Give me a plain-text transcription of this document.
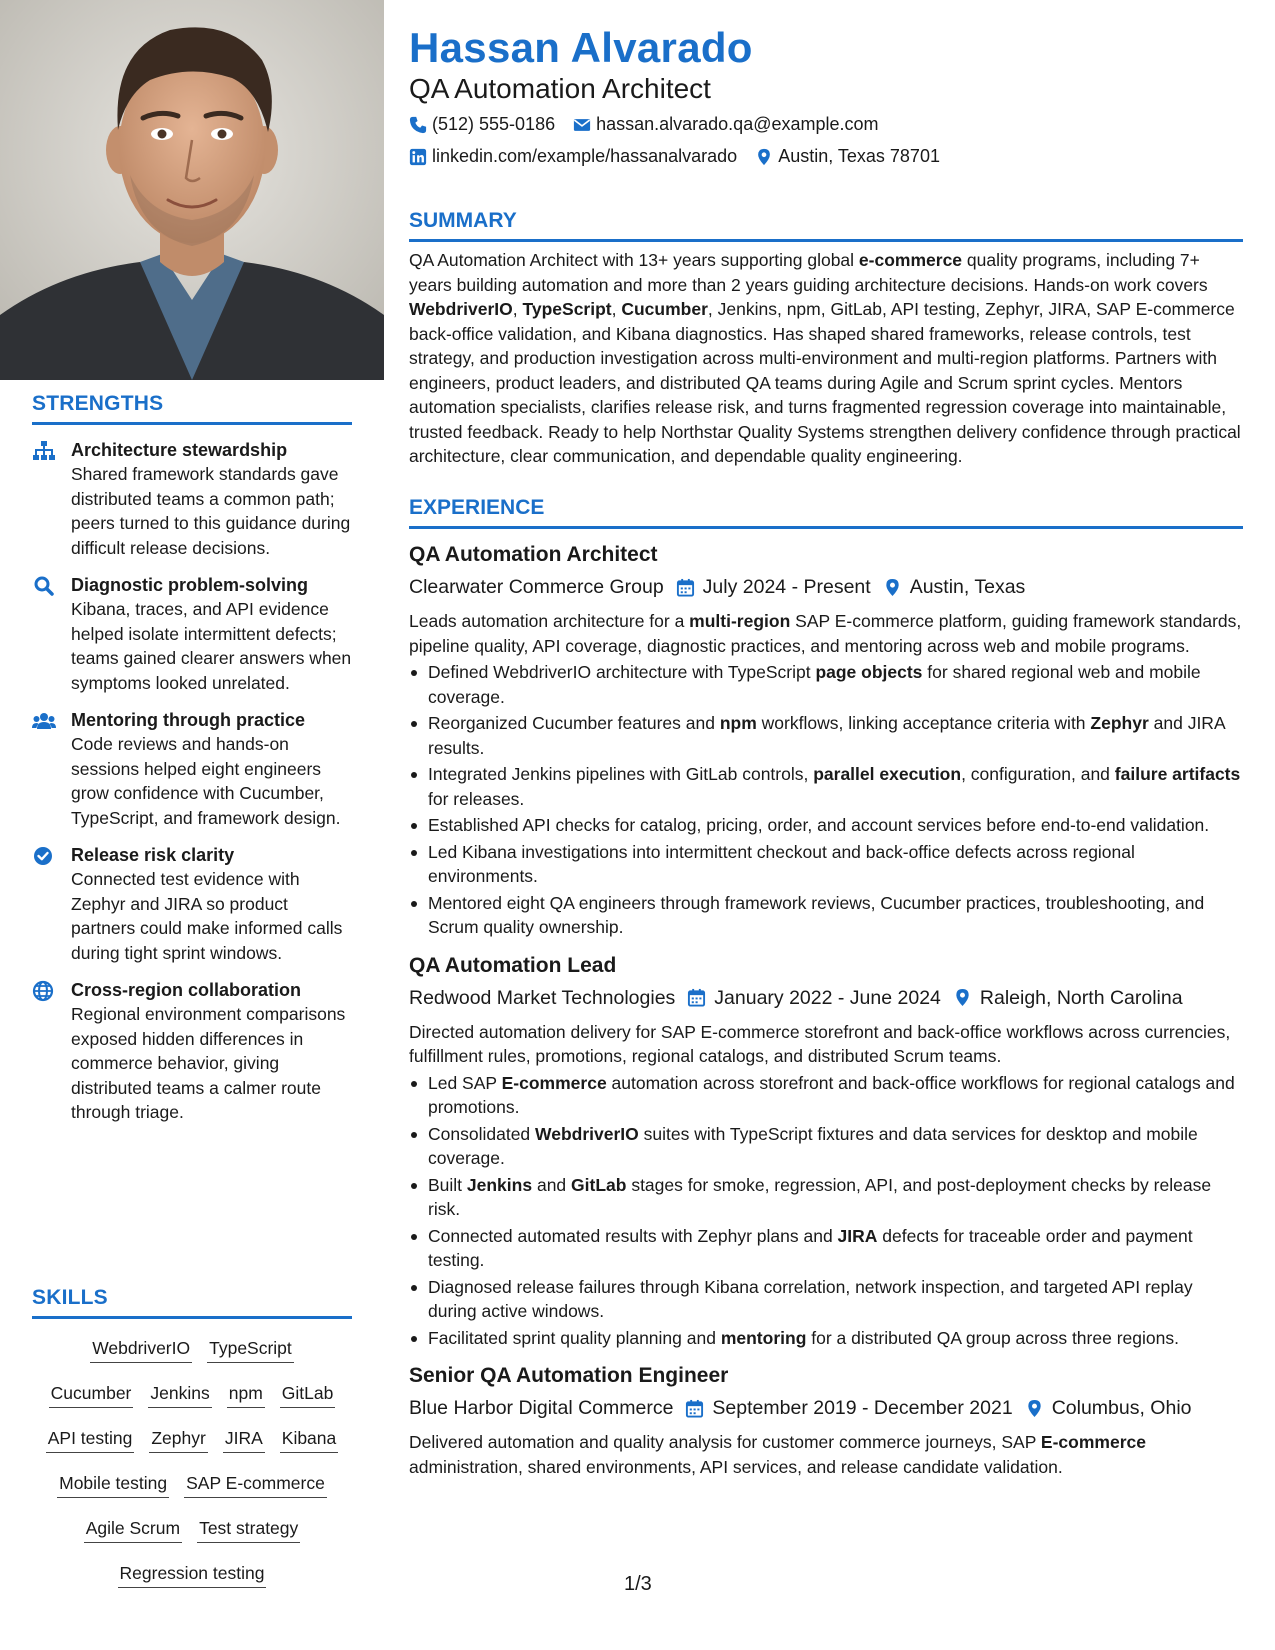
STRENGTHS
Architecture stewardship
Shared framework standards gave distributed teams a common path; peers turned to this guidance during difficult release decisions.
Diagnostic problem-solving
Kibana, traces, and API evidence helped isolate intermittent defects; teams gained clearer answers when symptoms looked unrelated.
Mentoring through practice
Code reviews and hands-on sessions helped eight engineers grow confidence with Cucumber, TypeScript, and framework design.
Release risk clarity
Connected test evidence with Zephyr and JIRA so product partners could make informed calls during tight sprint windows.
Cross-region collaboration
Regional environment comparisons exposed hidden differences in commerce behavior, giving distributed teams a calmer route through triage.
SKILLS
WebdriverIO TypeScript
Cucumber Jenkins npm GitLab
API testing Zephyr JIRA Kibana
Mobile testing SAP E-commerce
Agile Scrum Test strategy
Regression testing
Hassan Alvarado
QA Automation Architect
(512) 555-0186 hassan.alvarado.qa@example.com
linkedin.com/example/hassanalvarado Austin, Texas 78701
SUMMARY
QA Automation Architect with 13+ years supporting global e-commerce quality programs, including 7+ years building automation and more than 2 years guiding architecture decisions. Hands-on work covers WebdriverIO, TypeScript, Cucumber, Jenkins, npm, GitLab, API testing, Zephyr, JIRA, SAP E-commerce back-office validation, and Kibana diagnostics. Has shaped shared frameworks, release controls, test strategy, and production investigation across multi-environment and multi-region platforms. Partners with engineers, product leaders, and distributed QA teams during Agile and Scrum sprint cycles. Mentors automation specialists, clarifies release risk, and turns fragmented regression coverage into maintainable, trusted feedback. Ready to help Northstar Quality Systems strengthen delivery confidence through practical architecture, clear communication, and dependable quality engineering.
EXPERIENCE
QA Automation Architect
Clearwater Commerce Group July 2024 - Present Austin, Texas
Leads automation architecture for a multi-region SAP E-commerce platform, guiding framework standards, pipeline quality, API coverage, diagnostic practices, and mentoring across web and mobile programs.
Defined WebdriverIO architecture with TypeScript page objects for shared regional web and mobile coverage.
Reorganized Cucumber features and npm workflows, linking acceptance criteria with Zephyr and JIRA results.
Integrated Jenkins pipelines with GitLab controls, parallel execution, configuration, and failure artifacts for releases.
Established API checks for catalog, pricing, order, and account services before end-to-end validation.
Led Kibana investigations into intermittent checkout and back-office defects across regional environments.
Mentored eight QA engineers through framework reviews, Cucumber practices, troubleshooting, and Scrum quality ownership.
QA Automation Lead
Redwood Market Technologies January 2022 - June 2024 Raleigh, North Carolina
Directed automation delivery for SAP E-commerce storefront and back-office workflows across currencies, fulfillment rules, promotions, regional catalogs, and distributed Scrum teams.
Led SAP E-commerce automation across storefront and back-office workflows for regional catalogs and promotions.
Consolidated WebdriverIO suites with TypeScript fixtures and data services for desktop and mobile coverage.
Built Jenkins and GitLab stages for smoke, regression, API, and post-deployment checks by release risk.
Connected automated results with Zephyr plans and JIRA defects for traceable order and payment testing.
Diagnosed release failures through Kibana correlation, network inspection, and targeted API replay during active windows.
Facilitated sprint quality planning and mentoring for a distributed QA group across three regions.
Senior QA Automation Engineer
Blue Harbor Digital Commerce September 2019 - December 2021 Columbus, Ohio
Delivered automation and quality analysis for customer commerce journeys, SAP E-commerce administration, shared environments, API services, and release candidate validation.
1/3
